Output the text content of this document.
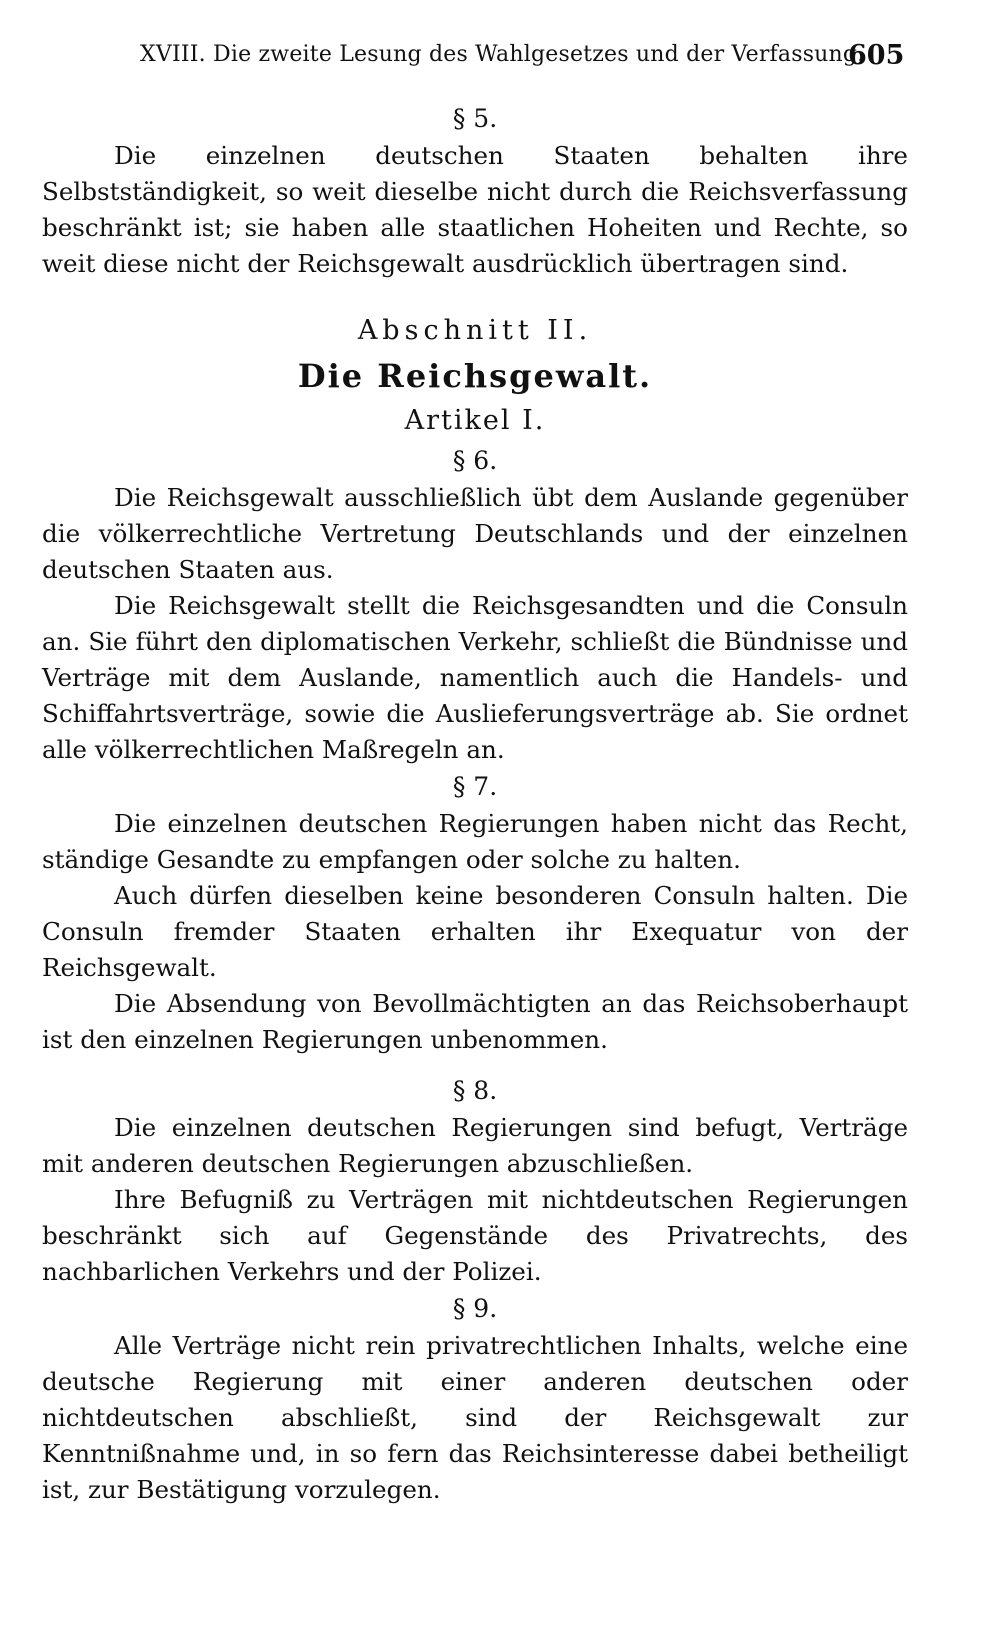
XVIII. Die zweite Lesung des Wahlgesetzes und der Verfassung.
605
§ 5.

Die einzelnen deutschen Staaten behalten ihre Selbstständigkeit, so weit dieselbe nicht durch die Reichsverfassung beschränkt ist; sie haben alle staatlichen Hoheiten und Rechte, so weit diese nicht der Reichsgewalt ausdrücklich übertragen sind.

Abschnitt II.
Die Reichsgewalt.
Artikel I.
§ 6.

Die Reichsgewalt ausschließlich übt dem Auslande gegenüber die völkerrechtliche Vertretung Deutschlands und der einzelnen deutschen Staaten aus.

Die Reichsgewalt stellt die Reichsgesandten und die Consuln an. Sie führt den diplomatischen Verkehr, schließt die Bündnisse und Verträge mit dem Auslande, namentlich auch die Handels- und Schiffahrtsverträge, sowie die Auslieferungsverträge ab. Sie ordnet alle völkerrechtlichen Maßregeln an.

§ 7.

Die einzelnen deutschen Regierungen haben nicht das Recht, ständige Gesandte zu empfangen oder solche zu halten.

Auch dürfen dieselben keine besonderen Consuln halten. Die Consuln fremder Staaten erhalten ihr Exequatur von der Reichsgewalt.

Die Absendung von Bevollmächtigten an das Reichsoberhaupt ist den einzelnen Regierungen unbenommen.

§ 8.

Die einzelnen deutschen Regierungen sind befugt, Verträge mit anderen deutschen Regierungen abzuschließen.

Ihre Befugniß zu Verträgen mit nichtdeutschen Regierungen beschränkt sich auf Gegenstände des Privatrechts, des nachbarlichen Verkehrs und der Polizei.

§ 9.

Alle Verträge nicht rein privatrechtlichen Inhalts, welche eine deutsche Regierung mit einer anderen deutschen oder nichtdeutschen abschließt, sind der Reichsgewalt zur Kenntnißnahme und, in so fern das Reichsinteresse dabei betheiligt ist, zur Bestätigung vorzulegen.
